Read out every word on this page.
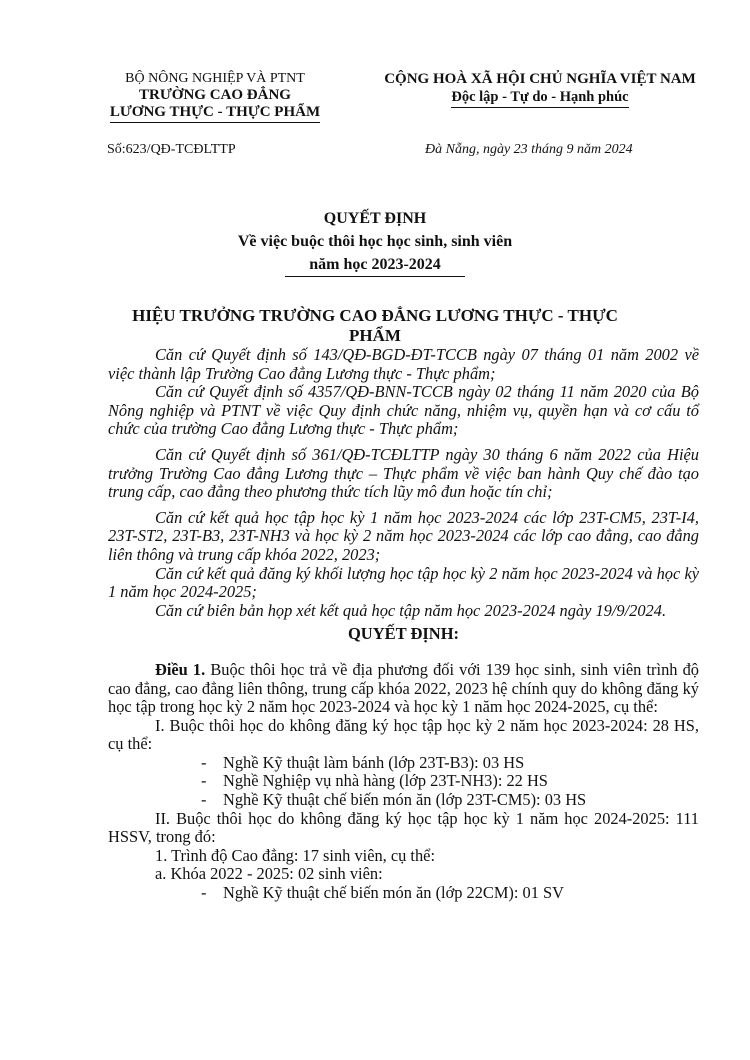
BỘ NÔNG NGHIỆP VÀ PTNT
TRƯỜNG CAO ĐẲNG
LƯƠNG THỰC - THỰC PHẨM
CỘNG HOÀ XÃ HỘI CHỦ NGHĨA VIỆT NAM
Độc lập - Tự do - Hạnh phúc
Số:623/QĐ-TCĐLTTP	Đà Nẵng, ngày 23 tháng 9 năm 2024
QUYẾT ĐỊNH
Về việc buộc thôi học học sinh, sinh viên
năm học 2023-2024
HIỆU TRƯỞNG TRƯỜNG CAO ĐẲNG LƯƠNG THỰC - THỰC PHẨM

Căn cứ Quyết định số 143/QĐ-BGD-ĐT-TCCB ngày 07 tháng 01 năm 2002 về việc thành lập Trường Cao đẳng Lương thực - Thực phẩm;

Căn cứ Quyết định số 4357/QĐ-BNN-TCCB ngày 02 tháng 11 năm 2020 của Bộ Nông nghiệp và PTNT về việc Quy định chức năng, nhiệm vụ, quyền hạn và cơ cấu tổ chức của trường Cao đẳng Lương thực - Thực phẩm;

Căn cứ Quyết định số 361/QĐ-TCĐLTTP ngày 30 tháng 6 năm 2022 của Hiệu trưởng Trường Cao đẳng Lương thực – Thực phẩm về việc ban hành Quy chế đào tạo trung cấp, cao đẳng theo phương thức tích lũy mô đun hoặc tín chỉ;

Căn cứ kết quả học tập học kỳ 1 năm học 2023-2024 các lớp 23T-CM5, 23T-I4, 23T-ST2, 23T-B3, 23T-NH3 và học kỳ 2 năm học 2023-2024 các lớp cao đẳng, cao đẳng liên thông và trung cấp khóa 2022, 2023;

Căn cứ kết quả đăng ký khối lượng học tập học kỳ 2 năm học 2023-2024 và học kỳ 1 năm học 2024-2025;

Căn cứ biên bản họp xét kết quả học tập năm học 2023-2024 ngày 19/9/2024.

QUYẾT ĐỊNH:

Điều 1. Buộc thôi học trả về địa phương đối với 139 học sinh, sinh viên trình độ cao đẳng, cao đẳng liên thông, trung cấp khóa 2022, 2023 hệ chính quy do không đăng ký học tập trong học kỳ 2 năm học 2023-2024 và học kỳ 1 năm học 2024-2025, cụ thể:

I. Buộc thôi học do không đăng ký học tập học kỳ 2 năm học 2023-2024: 28 HS, cụ thể:

- Nghề Kỹ thuật làm bánh (lớp 23T-B3): 03 HS

- Nghề Nghiệp vụ nhà hàng (lớp 23T-NH3): 22 HS

- Nghề Kỹ thuật chế biến món ăn (lớp 23T-CM5): 03 HS

II. Buộc thôi học do không đăng ký học tập học kỳ 1 năm học 2024-2025: 111 HSSV, trong đó:

1. Trình độ Cao đẳng: 17 sinh viên, cụ thể:

a. Khóa 2022 - 2025: 02 sinh viên:

- Nghề Kỹ thuật chế biến món ăn (lớp 22CM): 01 SV
